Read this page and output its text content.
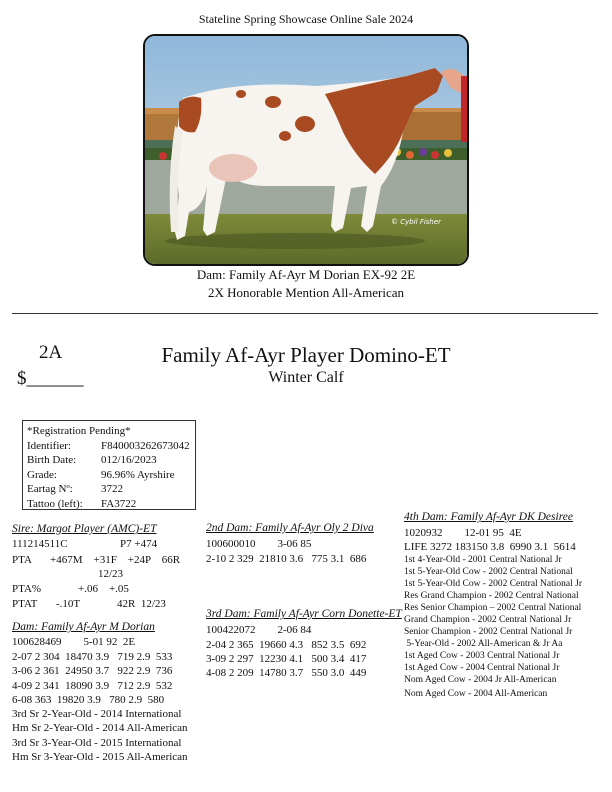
Stateline Spring Showcase Online Sale 2024
© Cybil Fisher
Dam: Family Af-Ayr M Dorian EX-92 2E
2X Honorable Mention All-American
2A
$______
Family Af-Ayr Player Domino-ET
Winter Calf
*Registration Pending*
Identifier:	F840003262673042
Birth Date: 012/16/2023
Grade:	96.96% Ayrshire
Eartag Nº:	3722
Tattoo (left): FA3722
Sire: Margot Player (AMC)-ET
111214511C	P7 +474
PTA +467M    +31F    +24P    66R
12/23
PTA%	+.06    +.05
PTAT -.10T	42R  12/23
Dam: Family Af-Ayr M Dorian
100628469        5-01 92  2E
2-07 2 304  18470 3.9   719 2.9  533
3-06 2 361  24950 3.7   922 2.9  736
4-09 2 341  18090 3.9   712 2.9  532
6-08 363  19820 3.9   780 2.9  580
3rd Sr 2-Year-Old - 2014 International
Hm Sr 2-Year-Old - 2014 All-American
3rd Sr 3-Year-Old - 2015 International
Hm Sr 3-Year-Old - 2015 All-American
2nd Dam: Family Af-Ayr Oly 2 Diva
100600010        3-06 85
2-10 2 329  21810 3.6   775 3.1  686
3rd Dam: Family Af-Ayr Corn Donette-ET
100422072        2-06 84
2-04 2 365  19660 4.3   852 3.5  692
3-09 2 297  12230 4.1   500 3.4  417
4-08 2 209  14780 3.7   550 3.0  449
4th Dam: Family Af-Ayr DK Desiree
1020932        12-01 95  4E
LIFE 3272 183150 3.8  6990 3.1  5614
1st 4-Year-Old - 2001 Central National Jr
1st 5-Year-Old Cow - 2002 Central National
1st 5-Year-Old Cow - 2002 Central National Jr
Res Grand Champion - 2002 Central National
Res Senior Champion – 2002 Central National
Grand Champion - 2002 Central National Jr
Senior Champion - 2002 Central National Jr
5-Year-Old - 2002 All-American & Jr Aa
1st Aged Cow - 2003 Central National Jr
1st Aged Cow - 2004 Central National Jr
Nom Aged Cow - 2004 Jr All-American
Nom Aged Cow - 2004 All-American
